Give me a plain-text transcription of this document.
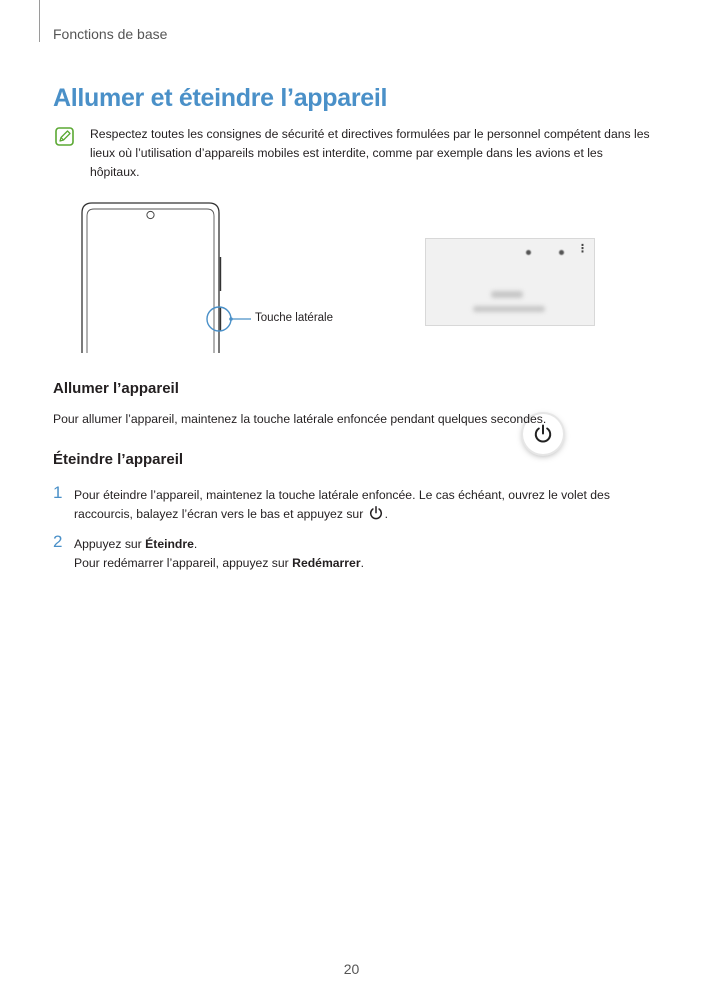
Fonctions de base
Allumer et éteindre l’appareil
Respectez toutes les consignes de sécurité et directives formulées par le personnel compétent dans les lieux où l’utilisation d’appareils mobiles est interdite, comme par exemple dans les avions et les hôpitaux.
Touche latérale
⋮
Allumer l’appareil
Pour allumer l’appareil, maintenez la touche latérale enfoncée pendant quelques secondes.
Éteindre l’appareil
1 Pour éteindre l’appareil, maintenez la touche latérale enfoncée. Le cas échéant, ouvrez le volet des raccourcis, balayez l’écran vers le bas et appuyez sur .
2 Appuyez sur Éteindre.
Pour redémarrer l’appareil, appuyez sur Redémarrer.
20
